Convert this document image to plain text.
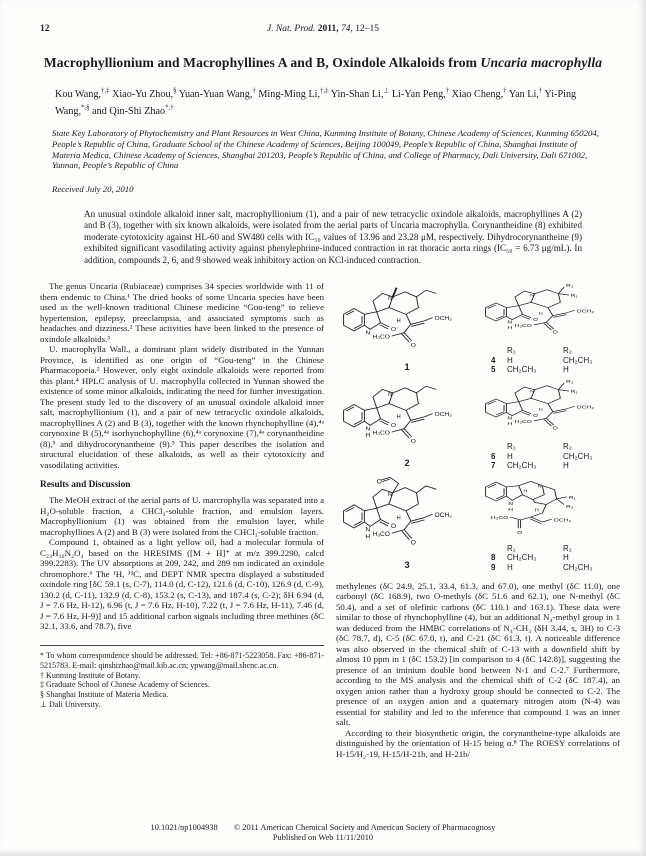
12	J. Nat. Prod. 2011, 74, 12–15
Macrophyllionium and Macrophyllines A and B, Oxindole Alkaloids from Uncaria macrophylla
Kou Wang,†,‡ Xiao-Yu Zhou,§ Yuan-Yuan Wang,† Ming-Ming Li,†,‡ Yin-Shan Li,⊥ Li-Yan Peng,† Xiao Cheng,† Yan Li,† Yi-Ping Wang,*,§ and Qin-Shi Zhao*,†
State Key Laboratory of Phytochemistry and Plant Resources in West China, Kunming Institute of Botany, Chinese Academy of Sciences, Kunming 650204, People’s Republic of China, Graduate School of the Chinese Academy of Sciences, Beijing 100049, People’s Republic of China, Shanghai Institute of Materia Medica, Chinese Academy of Sciences, Shanghai 201203, People’s Republic of China, and College of Pharmacy, Dali University, Dali 671002, Yunnan, People’s Republic of China
Received July 20, 2010
An unusual oxindole alkaloid inner salt, macrophyllionium (1), and a pair of new tetracyclic oxindole alkaloids, macrophyllines A (2) and B (3), together with six known alkaloids, were isolated from the aerial parts of Uncaria macrophylla. Corynantheidine (8) exhibited moderate cytotoxicity against HL-60 and SW480 cells with IC₅₀ values of 13.96 and 23.28 μM, respectively. Dihydrocorynantheine (9) exhibited significant vasodilating activity against phenylephrine-induced contraction in rat thoracic aorta rings (IC₅₀ = 6.73 μg/mL). In addition, compounds 2, 6, and 9 showed weak inhibitory action on KCl-induced contraction.

The genus Uncaria (Rubiaceae) comprises 34 species worldwide with 11 of them endemic to China.¹ The dried hooks of some Uncaria species have been used as the well-known traditional Chinese medicine “Gou-teng” to relieve hypertension, epilepsy, preeclampsia, and associated symptoms such as headaches and dizziness.² These activities have been linked to the presence of oxindole alkaloids.³

U. macrophylla Wall., a dominant plant widely distributed in the Yunnan Province, is identified as one origin of “Gou-teng” in the Chinese Pharmacopoeia.² However, only eight oxindole alkaloids were reported from this plant.⁴ HPLC analysis of U. macrophylla collected in Yunnan showed the existence of some minor alkaloids, indicating the need for further investigation. The present study led to the discovery of an unusual oxindole alkaloid inner salt, macrophyllionium (1), and a pair of new tetracyclic oxindole alkaloids, macrophyllines A (2) and B (3), together with the known rhynchophylline (4),⁴ᵃ corynoxine B (5),⁴ᵃ isorhynchophylline (6),⁴ᵃ corynoxine (7),⁴ᵃ corynantheidine (8),⁵ and dihydrocorynantheine (9).⁵ This paper describes the isolation and structural elucidation of these alkaloids, as well as their cytotoxicity and vasodilating activities.

Results and Discussion

The MeOH extract of the aerial parts of U. marcrophylla was separated into a H₂O-soluble fraction, a CHCl₃-soluble fraction, and emulsion layers. Macrophyllionium (1) was obtained from the emulsion layer, while macrophyllines A (2) and B (3) were isolated from the CHCl₃-soluble fraction.

Compound 1, obtained as a light yellow oil, had a molecular formula of C₂₃H₃₀N₂O₄ based on the HRESIMS ([M + H]⁺ at m/z 399.2290, calcd 399.2283). The UV absorptions at 209, 242, and 289 nm indicated an oxindole chromophore.⁶ The ¹H, ¹³C, and DEPT NMR spectra displayed a substituded oxindole ring [δC 59.1 (s, C-7), 114.0 (d, C-12), 121.6 (d, C-10), 126.9 (d, C-9), 130.2 (d, C-11), 132.9 (d, C-8), 153.2 (s, C-13), and 187.4 (s, C-2); δH 6.94 (d, J = 7.6 Hz, H-12), 6.96 (t, J = 7.6 Hz, H-10), 7.22 (t, J = 7.6 Hz, H-11), 7.46 (d, J = 7.6 Hz, H-9)] and 15 additional carbon signals including three methines (δC 32.1, 33.6, and 78.7), five

* To whom correspondence should be addressed. Tel: +86-871-5223058. Fax: +86-871-5215783. E-mail: qinshizhao@mail.kib.ac.cn; ypwang@mail.shcnc.ac.cn.

† Kunming Institute of Botany.

‡ Graduate School of Chinese Academy of Sciences.

§ Shanghai Institute of Materia Medica.

⊥ Dali University.

N
O⁻
N⁺
OCH₃
H
O
H₃CO
1
N
H
O
N
R₂
R₁
OCH₃
H
O
H₃CO
R₁	R₂
4	H	CH₂CH₃
5	CH₂CH₃	H
N
H
O
N
OCH₃
H
O
H₃CO
2
N
H
O
N
R₂
R₁
OCH₃
H
O
H₃CO
R₁	R₂
6	H	CH₂CH₃
7	CH₂CH₃	H
N
H
O
N
O
OCH₃
H
O
H₃CO
3
N
H
N
R₁
R₂
H
H
OCH₃
O
H₃CO
R₁	R₂
8	CH₂CH₃	H
9	H	CH₂CH₃

methylenes (δC 24.9, 25.1, 33.4, 61.3, and 67.0), one methyl (δC 11.0), one carbonyl (δC 168.9), two O-methyls (δC 51.6 and 62.1), one N-methyl (δC 50.4), and a set of olefinic carbons (δC 110.1 and 163.1). These data were similar to those of rhynchophylline (4), but an additional N₄-methyl group in 1 was deduced from the HMBC correlations of N₄-CH₃ (δH 3.44, s, 3H) to C-3 (δC 78.7, d), C-5 (δC 67.0, t), and C-21 (δC 61.3, t). A noticeable difference was also observed in the chemical shift of C-13 with a downfield shift by almost 10 ppm in 1 (δC 153.2) [in comparison to 4 (δC 142.8)], suggesting the presence of an iminium double bond between N-1 and C-2.⁷ Furthermore, according to the MS analysis and the chemical shift of C-2 (δC 187.4), an oxygen anion rather than a hydroxy group should be connected to C-2. The presence of an oxygen anion and a quaternary nitrogen atom (N-4) was essential for stability and led to the inference that compound 1 was an inner salt.

According to their biosynthetic origin, the corynantheine-type alkaloids are distinguished by the orientation of H-15 being α.⁸ The ROESY correlations of H-15/H₂-19, H-15/H-21b, and H-21b/

10.1021/np1004938 © 2011 American Chemical Society and American Society of Pharmacognosy
Published on Web 11/11/2010
